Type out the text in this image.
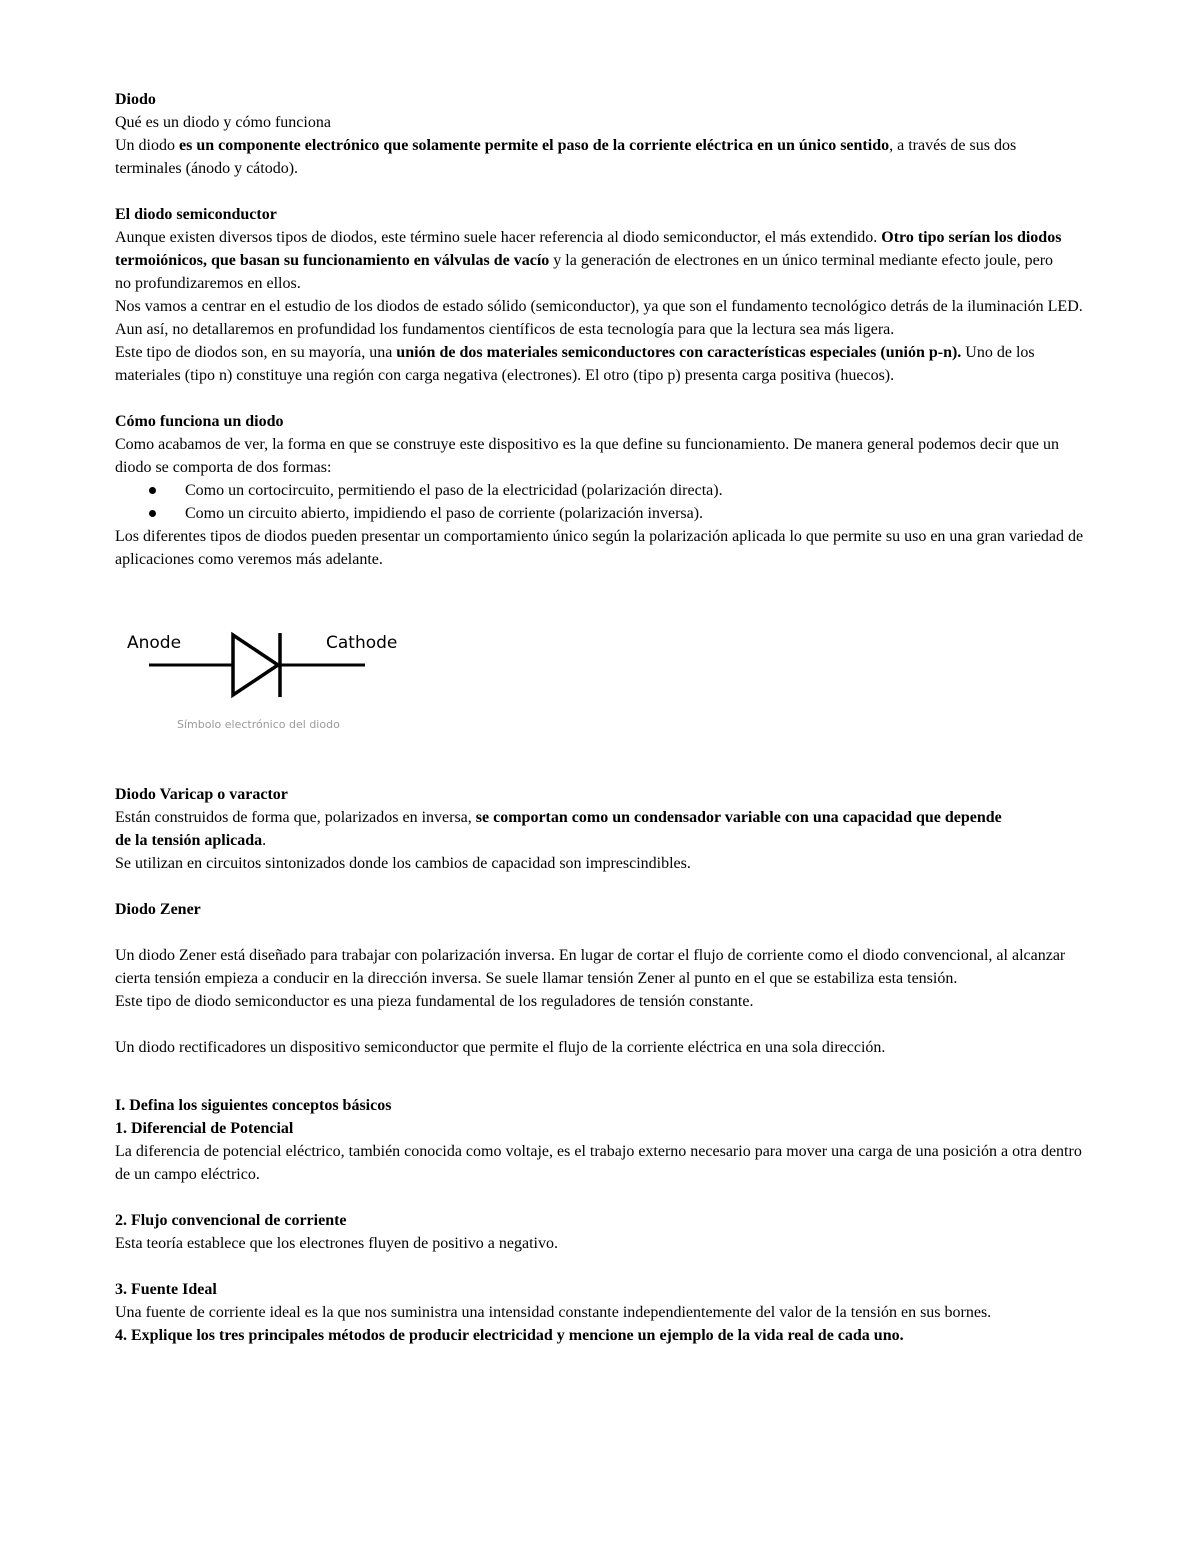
Diodo

Qué es un diodo y cómo funciona

Un diodo es un componente electrónico que solamente permite el paso de la corriente eléctrica en un único sentido, a través de sus dos terminales (ánodo y cátodo).

El diodo semiconductor

Aunque existen diversos tipos de diodos, este término suele hacer referencia al diodo semiconductor, el más extendido. Otro tipo serían los diodos termoiónicos, que basan su funcionamiento en válvulas de vacío y la generación de electrones en un único terminal mediante efecto joule, pero no profundizaremos en ellos.

Nos vamos a centrar en el estudio de los diodos de estado sólido (semiconductor), ya que son el fundamento tecnológico detrás de la iluminación LED. Aun así, no detallaremos en profundidad los fundamentos científicos de esta tecnología para que la lectura sea más ligera.

Este tipo de diodos son, en su mayoría, una unión de dos materiales semiconductores con características especiales (unión p-n). Uno de los materiales (tipo n) constituye una región con carga negativa (electrones). El otro (tipo p) presenta carga positiva (huecos).

Cómo funciona un diodo

Como acabamos de ver, la forma en que se construye este dispositivo es la que define su funcionamiento. De manera general podemos decir que un diodo se comporta de dos formas:

Como un cortocircuito, permitiendo el paso de la electricidad (polarización directa).
Como un circuito abierto, impidiendo el paso de corriente (polarización inversa).

Los diferentes tipos de diodos pueden presentar un comportamiento único según la polarización aplicada lo que permite su uso en una gran variedad de aplicaciones como veremos más adelante.

Anode	Cathode
Símbolo electrónico del diodo

Diodo Varicap o varactor

Están construidos de forma que, polarizados en inversa, se comportan como un condensador variable con una capacidad que depende de la tensión aplicada.

Se utilizan en circuitos sintonizados donde los cambios de capacidad son imprescindibles.

Diodo Zener

Un diodo Zener está diseñado para trabajar con polarización inversa. En lugar de cortar el flujo de corriente como el diodo convencional, al alcanzar cierta tensión empieza a conducir en la dirección inversa. Se suele llamar tensión Zener al punto en el que se estabiliza esta tensión.

Este tipo de diodo semiconductor es una pieza fundamental de los reguladores de tensión constante.

Un diodo rectificadores un dispositivo semiconductor que permite el flujo de la corriente eléctrica en una sola dirección.

I. Defina los siguientes conceptos básicos

1. Diferencial de Potencial

La diferencia de potencial eléctrico, también conocida como voltaje, es el trabajo externo necesario para mover una carga de una posición a otra dentro de un campo eléctrico.

2. Flujo convencional de corriente

Esta teoría establece que los electrones fluyen de positivo a negativo.

3. Fuente Ideal

Una fuente de corriente ideal es la que nos suministra una intensidad constante independientemente del valor de la tensión en sus bornes.

4. Explique los tres principales métodos de producir electricidad y mencione un ejemplo de la vida real de cada uno.
